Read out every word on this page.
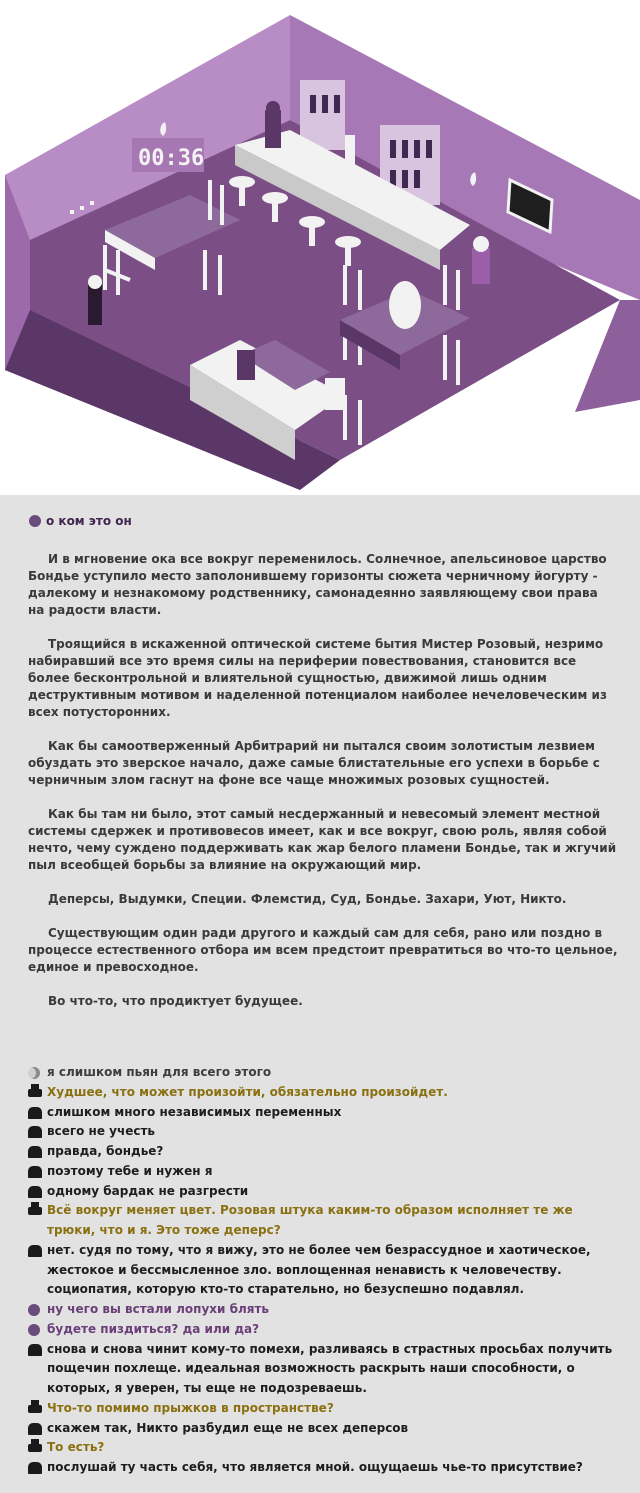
00:36
о ком это он

И в мгновение ока все вокруг переменилось. Солнечное, апельсиновое царство Бондье уступило место заполонившему горизонты сюжета черничному йогурту - далекому и незнакомому родственнику, самонадеянно заявляющему свои права на радости власти.

Троящийся в искаженной оптической системе бытия Мистер Розовый, незримо набиравший все это время силы на периферии повествования, становится все более бесконтрольной и влиятельной сущностью, движимой лишь одним деструктивным мотивом и наделенной потенциалом наиболее нечеловеческим из всех потусторонних.

Как бы самоотверженный Арбитрарий ни пытался своим золотистым лезвием обуздать это зверское начало, даже самые блистательные его успехи в борьбе с черничным злом гаснут на фоне все чаще множимых розовых сущностей.

Как бы там ни было, этот самый несдержанный и невесомый элемент местной системы сдержек и противовесов имеет, как и все вокруг, свою роль, являя собой нечто, чему суждено поддерживать как жар белого пламени Бондье, так и жгучий пыл всеобщей борьбы за влияние на окружающий мир.

Деперсы, Выдумки, Специи. Флемстид, Суд, Бондье. Захари, Уют, Никто.

Существующим один ради другого и каждый сам для себя, рано или поздно в процессе естественного отбора им всем предстоит превратиться во что-то цельное, единое и превосходное.

Во что-то, что продиктует будущее.

я слишком пьян для всего этого
Худшее, что может произойти, обязательно произойдет.
слишком много независимых переменных
всего не учесть
правда, бондье?
поэтому тебе и нужен я
одному бардак не разгрести
Всё вокруг меняет цвет. Розовая штука каким-то образом исполняет те же трюки, что и я. Это тоже деперс?
нет. судя по тому, что я вижу, это не более чем безрассудное и хаотическое, жестокое и бессмысленное зло. воплощенная ненависть к человечеству. социопатия, которую кто-то старательно, но безуспешно подавлял.
ну чего вы встали лопухи блять
будете пиздиться? да или да?
снова и снова чинит кому-то помехи, разливаясь в страстных просьбах получить пощечин похлеще. идеальная возможность раскрыть наши способности, о которых, я уверен, ты еще не подозреваешь.
Что-то помимо прыжков в пространстве?
скажем так, Никто разбудил еще не всех деперсов
То есть?
послушай ту часть себя, что является мной. ощущаешь чье-то присутствие?
